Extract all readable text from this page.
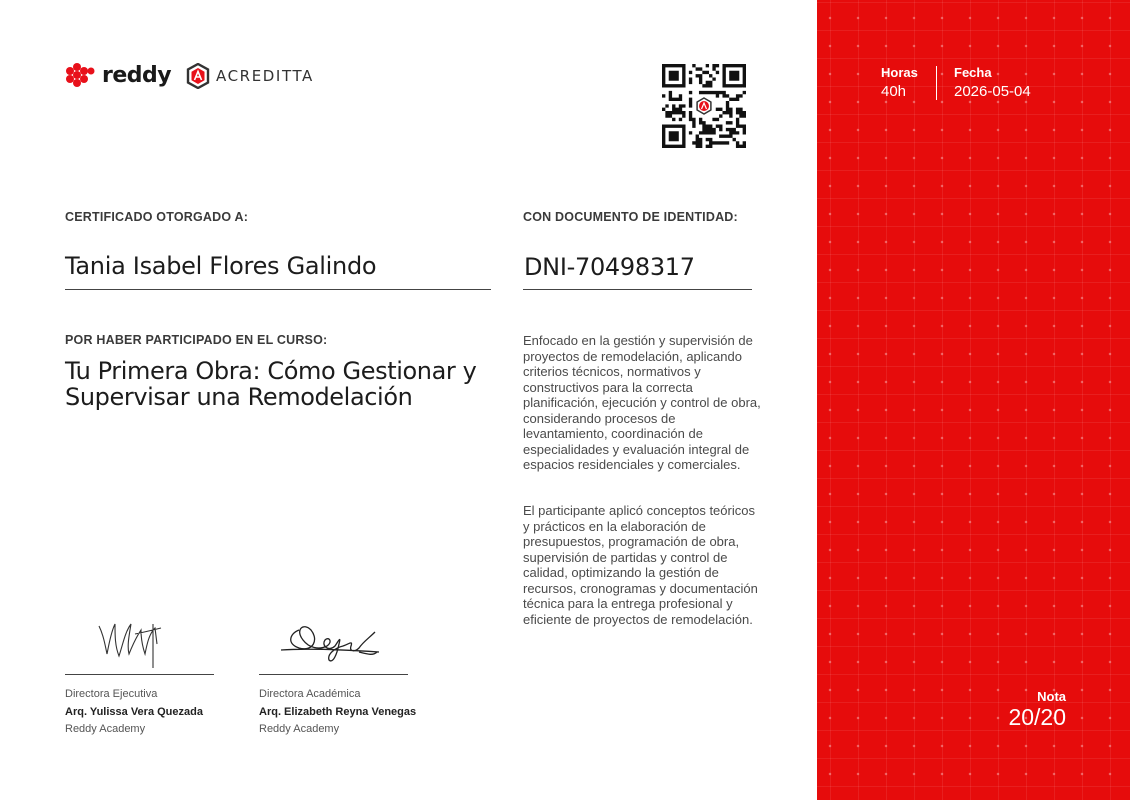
reddy	ACREDITTA
CERTIFICADO OTORGADO A:
Tania Isabel Flores Galindo
CON DOCUMENTO DE IDENTIDAD:
DNI-70498317
POR HABER PARTICIPADO EN EL CURSO:
Tu Primera Obra: Cómo Gestionar y Supervisar una Remodelación
Enfocado en la gestión y supervisión de proyectos de remodelación, aplicando criterios técnicos, normativos y constructivos para la correcta planificación, ejecución y control de obra, considerando procesos de levantamiento, coordinación de especialidades y evaluación integral de espacios residenciales y comerciales.
El participante aplicó conceptos teóricos y prácticos en la elaboración de presupuestos, programación de obra, supervisión de partidas y control de calidad, optimizando la gestión de recursos, cronogramas y documentación técnica para la entrega profesional y eficiente de proyectos de remodelación.
Directora Ejecutiva
Arq. Yulissa Vera Quezada
Reddy Academy
Directora Académica
Arq. Elizabeth Reyna Venegas
Reddy Academy
Horas
40h
Fecha
2026-05-04
Nota
20/20
